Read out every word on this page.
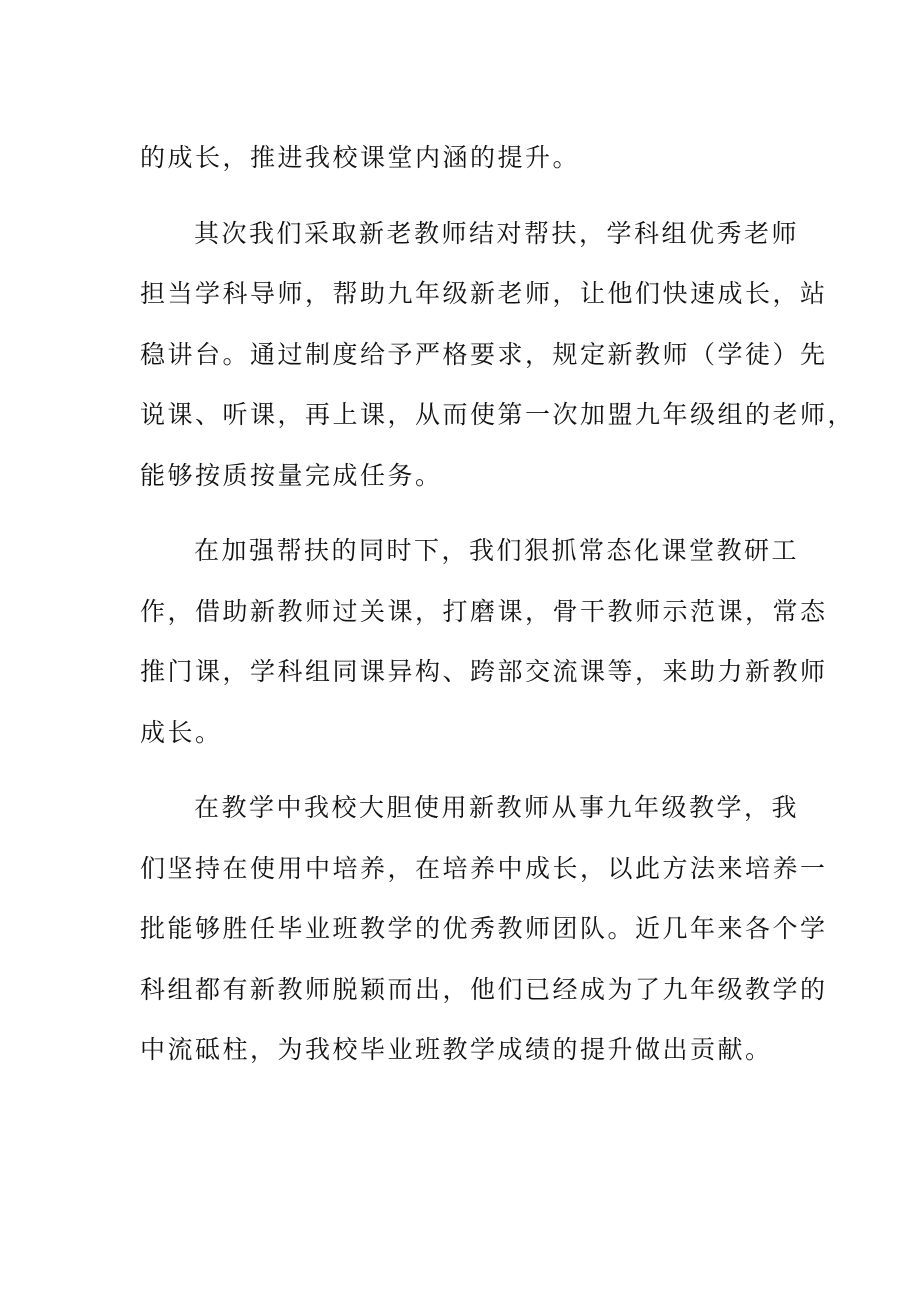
的成长，推进我校课堂内涵的提升。
其次我们采取新老教师结对帮扶，学科组优秀老师
担当学科导师，帮助九年级新老师，让他们快速成长，站
稳讲台。通过制度给予严格要求，规定新教师（学徒）先
说课、听课，再上课，从而使第一次加盟九年级组的老师，
能够按质按量完成任务。
在加强帮扶的同时下，我们狠抓常态化课堂教研工
作，借助新教师过关课，打磨课，骨干教师示范课，常态
推门课，学科组同课异构、跨部交流课等，来助力新教师
成长。
在教学中我校大胆使用新教师从事九年级教学，我
们坚持在使用中培养，在培养中成长，以此方法来培养一
批能够胜任毕业班教学的优秀教师团队。近几年来各个学
科组都有新教师脱颖而出，他们已经成为了九年级教学的
中流砥柱，为我校毕业班教学成绩的提升做出贡献。
